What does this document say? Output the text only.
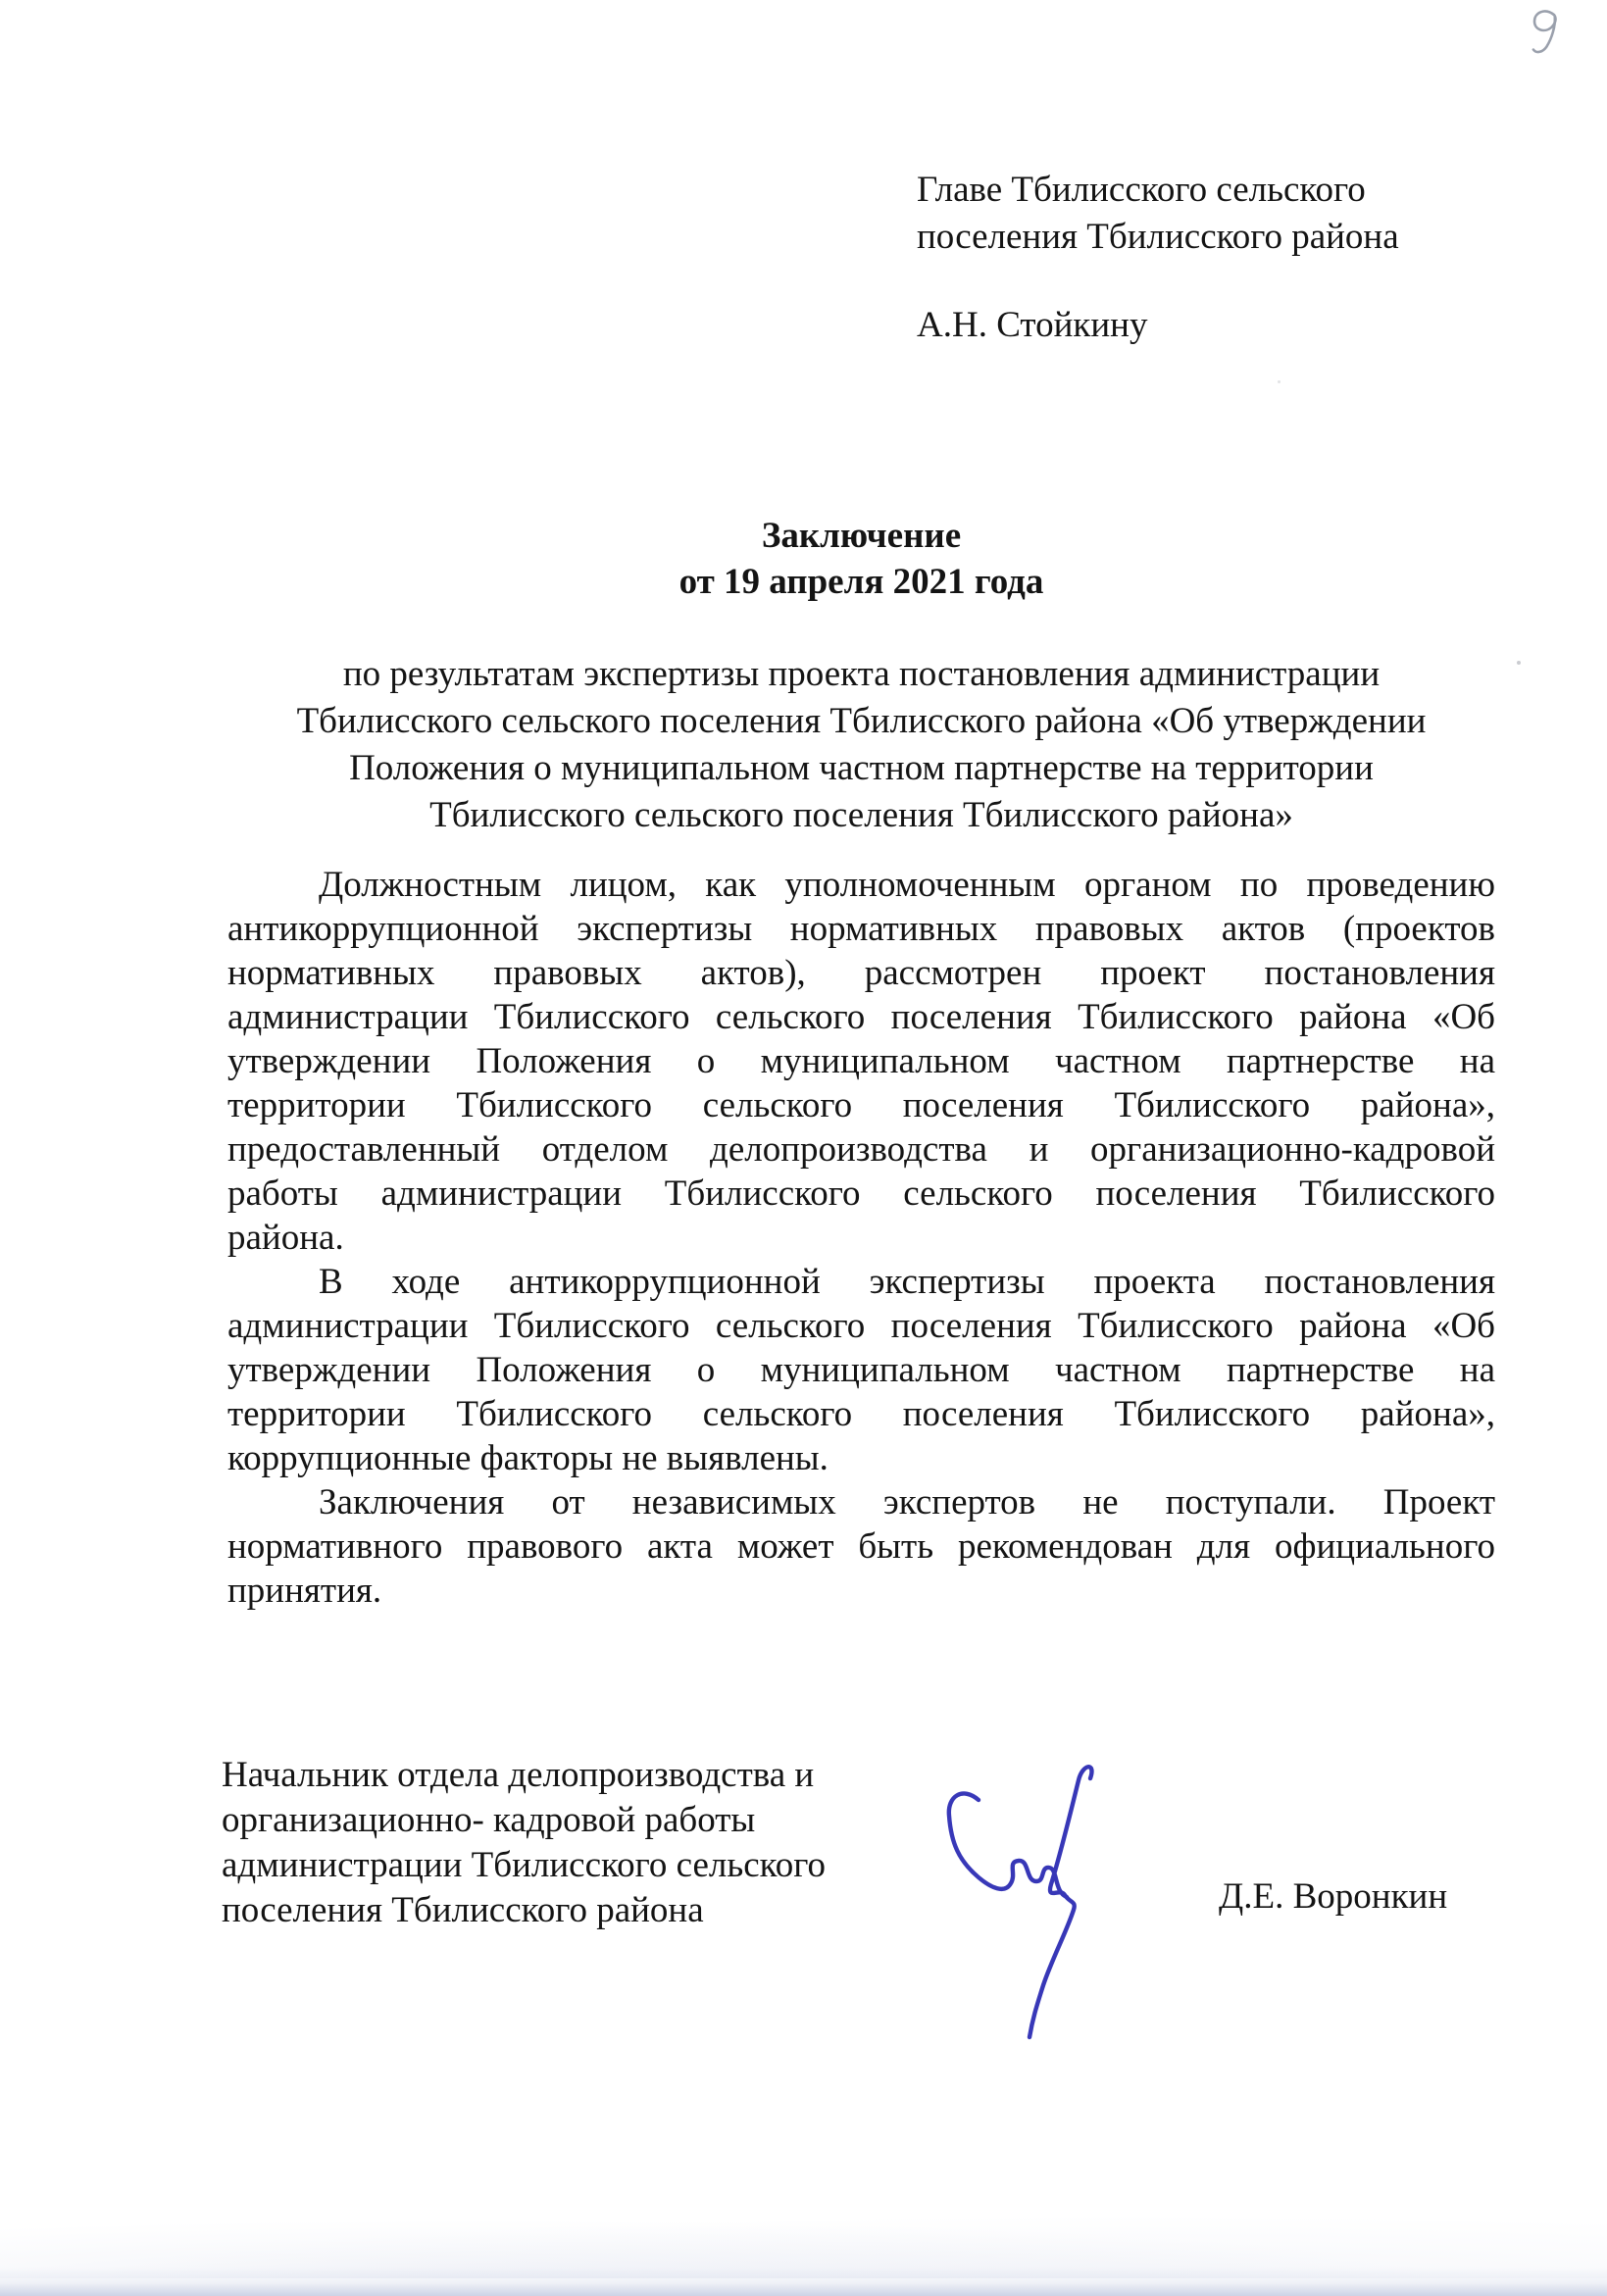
Главе Тбилисского сельского
поселения Тбилисского района
А.Н. Стойкину
Заключение
от 19 апреля 2021 года
по результатам экспертизы проекта постановления администрации
Тбилисского сельского поселения Тбилисского района «Об утверждении
Положения о муниципальном частном партнерстве на территории
Тбилисского сельского поселения Тбилисского района»
Должностным лицом, как уполномоченным органом по проведению
антикоррупционной экспертизы нормативных правовых актов (проектов
нормативных правовых актов), рассмотрен проект постановления
администрации Тбилисского сельского поселения Тбилисского района «Об
утверждении Положения о муниципальном частном партнерстве на
территории Тбилисского сельского поселения Тбилисского района»,
предоставленный отделом делопроизводства и организационно-кадровой
работы администрации Тбилисского сельского поселения Тбилисского
района.
В ходе антикоррупционной экспертизы проекта постановления
администрации Тбилисского сельского поселения Тбилисского района «Об
утверждении Положения о муниципальном частном партнерстве на
территории Тбилисского сельского поселения Тбилисского района»,
коррупционные факторы не выявлены.
Заключения от независимых экспертов не поступали. Проект
нормативного правового акта может быть рекомендован для официального
принятия.
Начальник отдела делопроизводства и
организационно- кадровой работы
администрации Тбилисского сельского
поселения Тбилисского района	Д.Е. Воронкин
